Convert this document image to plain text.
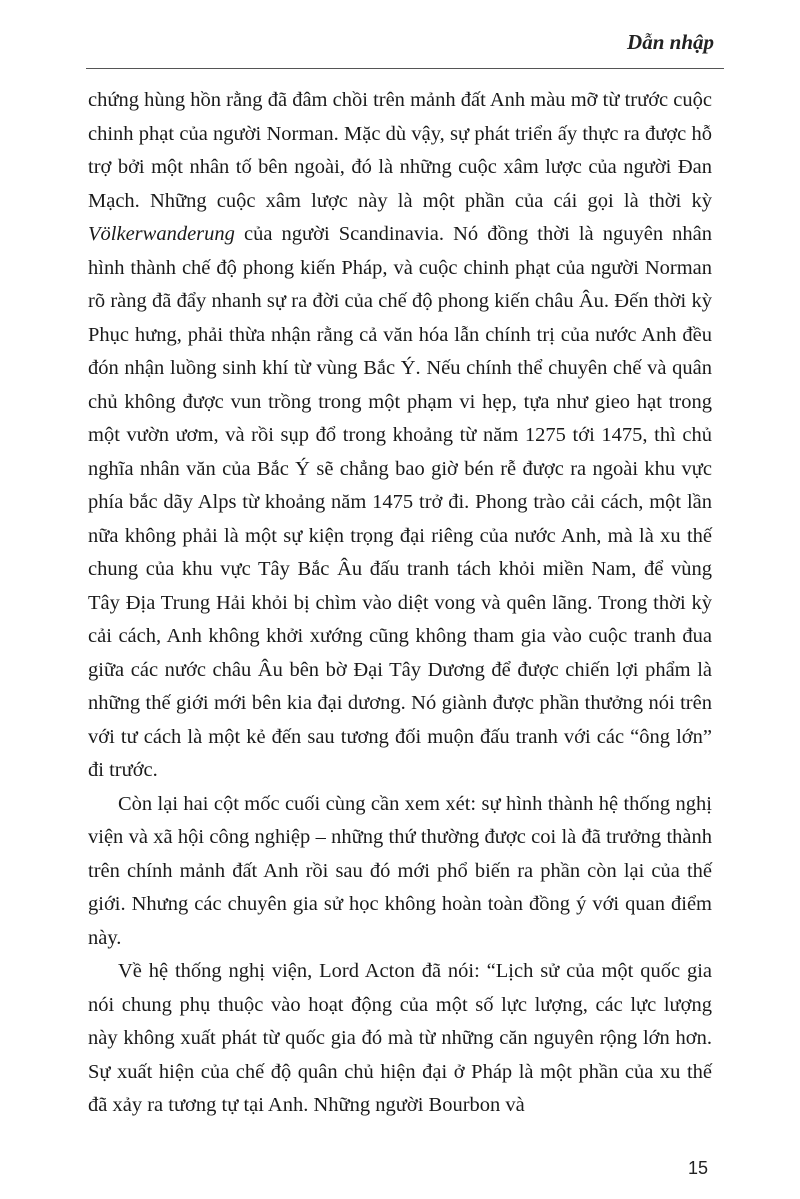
Dẫn nhập

chứng hùng hồn rằng đã đâm chồi trên mảnh đất Anh màu mỡ từ trước cuộc chinh phạt của người Norman. Mặc dù vậy, sự phát triển ấy thực ra được hỗ trợ bởi một nhân tố bên ngoài, đó là những cuộc xâm lược của người Đan Mạch. Những cuộc xâm lược này là một phần của cái gọi là thời kỳ Völkerwanderung của người Scandinavia. Nó đồng thời là nguyên nhân hình thành chế độ phong kiến Pháp, và cuộc chinh phạt của người Norman rõ ràng đã đẩy nhanh sự ra đời của chế độ phong kiến châu Âu. Đến thời kỳ Phục hưng, phải thừa nhận rằng cả văn hóa lẫn chính trị của nước Anh đều đón nhận luồng sinh khí từ vùng Bắc Ý. Nếu chính thể chuyên chế và quân chủ không được vun trồng trong một phạm vi hẹp, tựa như gieo hạt trong một vườn ươm, và rồi sụp đổ trong khoảng từ năm 1275 tới 1475, thì chủ nghĩa nhân văn của Bắc Ý sẽ chẳng bao giờ bén rễ được ra ngoài khu vực phía bắc dãy Alps từ khoảng năm 1475 trở đi. Phong trào cải cách, một lần nữa không phải là một sự kiện trọng đại riêng của nước Anh, mà là xu thế chung của khu vực Tây Bắc Âu đấu tranh tách khỏi miền Nam, để vùng Tây Địa Trung Hải khỏi bị chìm vào diệt vong và quên lãng. Trong thời kỳ cải cách, Anh không khởi xướng cũng không tham gia vào cuộc tranh đua giữa các nước châu Âu bên bờ Đại Tây Dương để được chiến lợi phẩm là những thế giới mới bên kia đại dương. Nó giành được phần thưởng nói trên với tư cách là một kẻ đến sau tương đối muộn đấu tranh với các “ông lớn” đi trước.

Còn lại hai cột mốc cuối cùng cần xem xét: sự hình thành hệ thống nghị viện và xã hội công nghiệp – những thứ thường được coi là đã trưởng thành trên chính mảnh đất Anh rồi sau đó mới phổ biến ra phần còn lại của thế giới. Nhưng các chuyên gia sử học không hoàn toàn đồng ý với quan điểm này.

Về hệ thống nghị viện, Lord Acton đã nói: “Lịch sử của một quốc gia nói chung phụ thuộc vào hoạt động của một số lực lượng, các lực lượng này không xuất phát từ quốc gia đó mà từ những căn nguyên rộng lớn hơn. Sự xuất hiện của chế độ quân chủ hiện đại ở Pháp là một phần của xu thế đã xảy ra tương tự tại Anh. Những người Bourbon và

15
